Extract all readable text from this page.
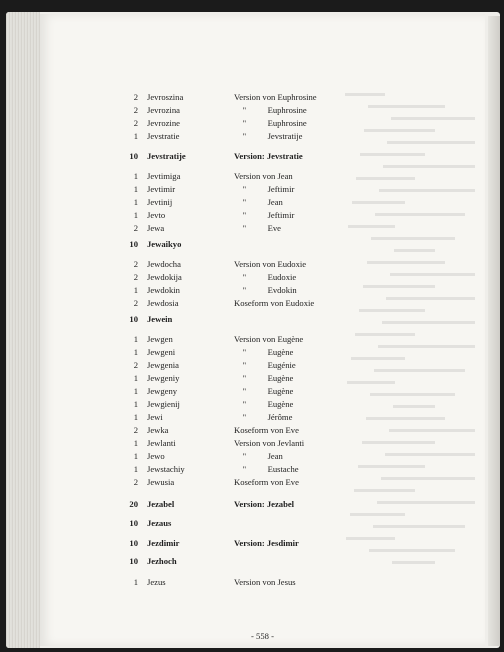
2 Jevroszina	Version von Euphrosine
2 Jevrozina	"          Euphrosine
2 Jevrozine	"          Euphrosine
1 Jevstratie	"          Jevstratije
10 Jevstratije	Version: Jevstratie
1 Jevtimiga	Version von Jean
1 Jevtimir	"          Jeftimir
1 Jevtinij	"          Jean
1 Jevto	"          Jeftimir
2 Jewa	"          Eve
10 Jewaikyo
2 Jewdocha	Version von Eudoxie
2 Jewdokija	"          Eudoxie
1 Jewdokin	"          Evdokin
2 Jewdosia	Koseform von Eudoxie
10 Jewein
1 Jewgen	Version von Eugène
1 Jewgeni	"          Eugène
2 Jewgenia	"          Eugénie
1 Jewgeniy	"          Eugène
1 Jewgeny	"          Eugène
1 Jewgienij	"          Eugène
1 Jewi	"          Jérôme
2 Jewka	Koseform von Eve
1 Jewlanti	Version von Jevlanti
1 Jewo	"          Jean
1 Jewstachiy	"          Eustache
2 Jewusia	Koseform von Eve
20 Jezabel	Version: Jezabel
10 Jezaus
10 Jezdimir	Version: Jesdimir
10 Jezhoch
1 Jezus	Version von Jesus
- 558 -
